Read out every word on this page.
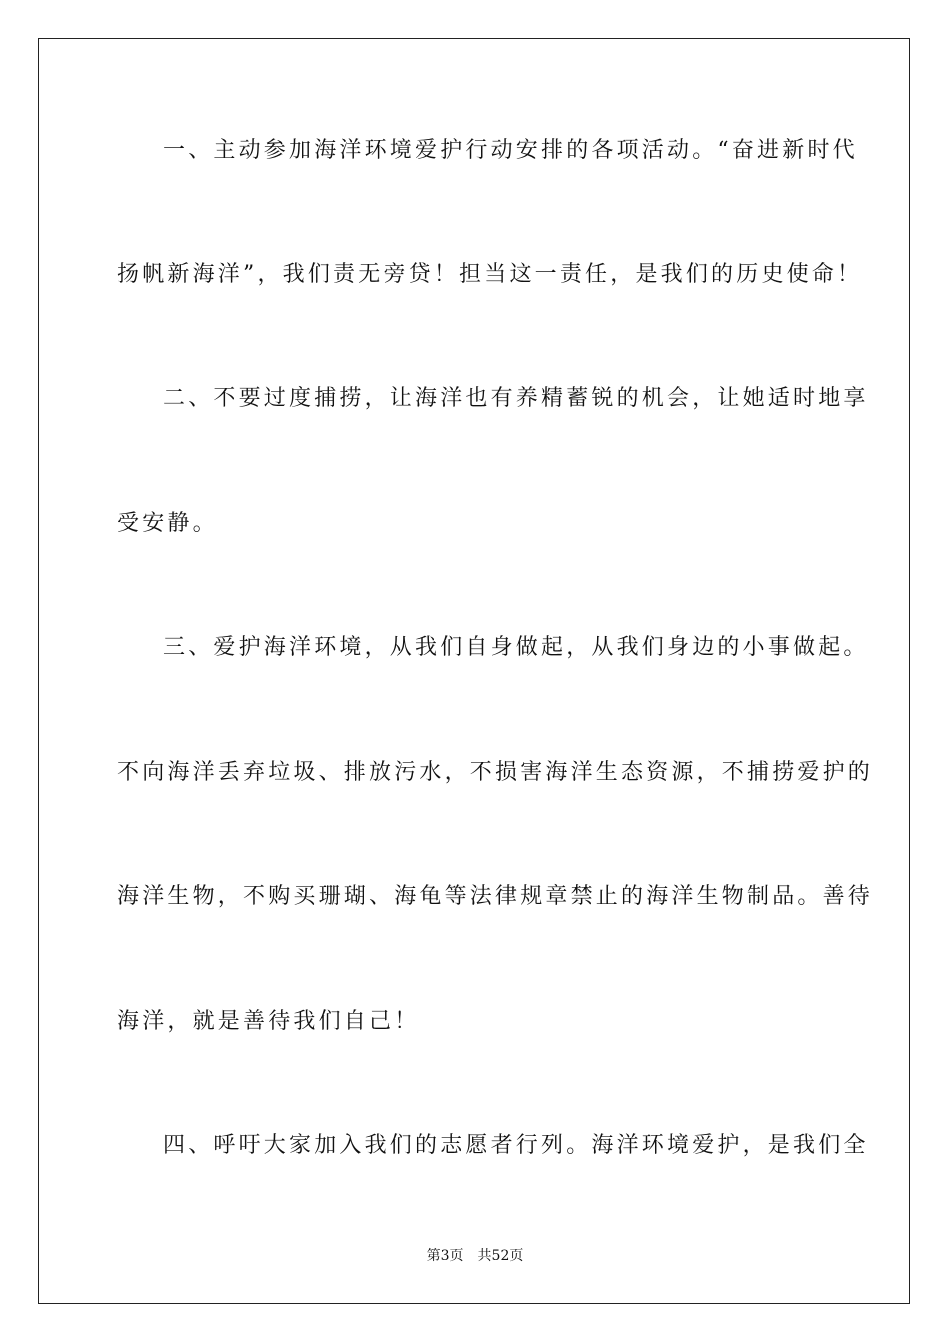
一、主动参加海洋环境爱护行动安排的各项活动。“奋进新时代
扬帆新海洋”，我们责无旁贷！担当这一责任，是我们的历史使命！
二、不要过度捕捞，让海洋也有养精蓄锐的机会，让她适时地享
受安静。
三、爱护海洋环境，从我们自身做起，从我们身边的小事做起。
不向海洋丢弃垃圾、排放污水，不损害海洋生态资源，不捕捞爱护的
海洋生物，不购买珊瑚、海龟等法律规章禁止的海洋生物制品。善待
海洋，就是善待我们自己！
四、呼吁大家加入我们的志愿者行列。海洋环境爱护，是我们全
第3页 共52页
